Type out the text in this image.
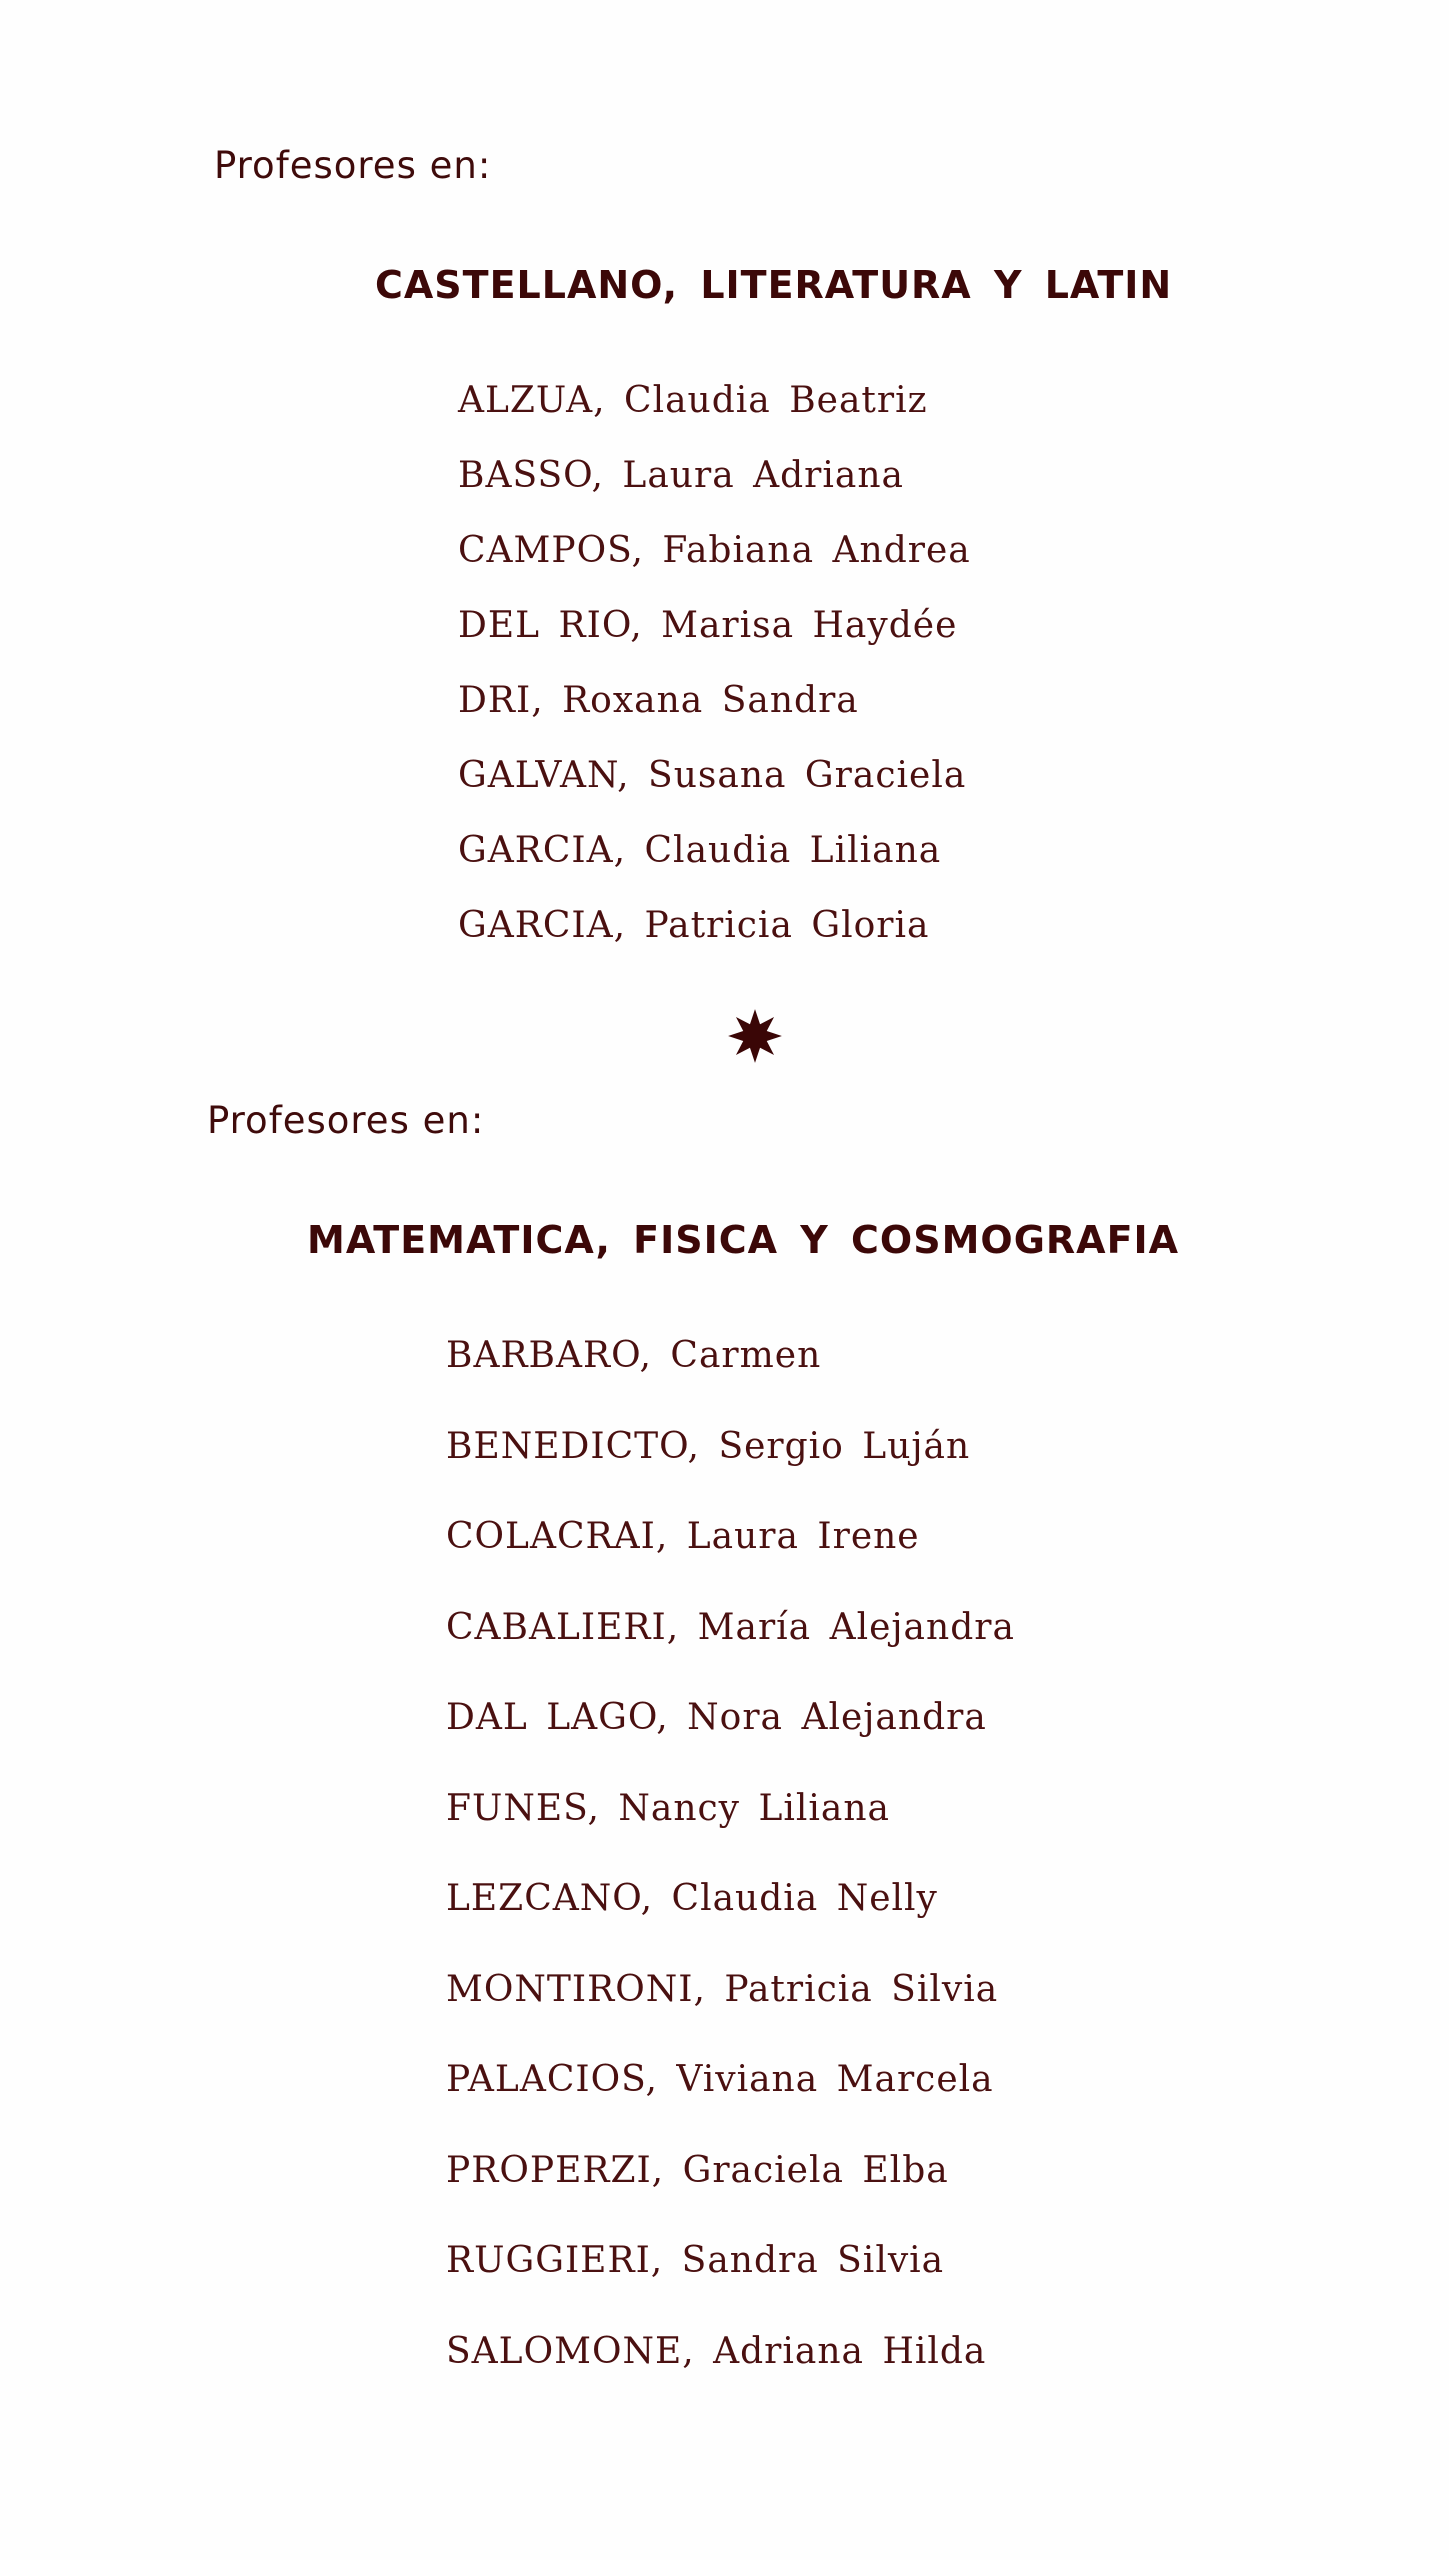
Profesores en:

CASTELLANO, LITERATURA Y LATIN
ALZUA, Claudia Beatriz
BASSO, Laura Adriana
CAMPOS, Fabiana Andrea
DEL RIO, Marisa Haydée
DRI, Roxana Sandra
GALVAN, Susana Graciela
GARCIA, Claudia Liliana
GARCIA, Patricia Gloria

Profesores en:

MATEMATICA, FISICA Y COSMOGRAFIA
BARBARO, Carmen
BENEDICTO, Sergio Luján
COLACRAI, Laura Irene
CABALIERI, María Alejandra
DAL LAGO, Nora Alejandra
FUNES, Nancy Liliana
LEZCANO, Claudia Nelly
MONTIRONI, Patricia Silvia
PALACIOS, Viviana Marcela
PROPERZI, Graciela Elba
RUGGIERI, Sandra Silvia
SALOMONE, Adriana Hilda
